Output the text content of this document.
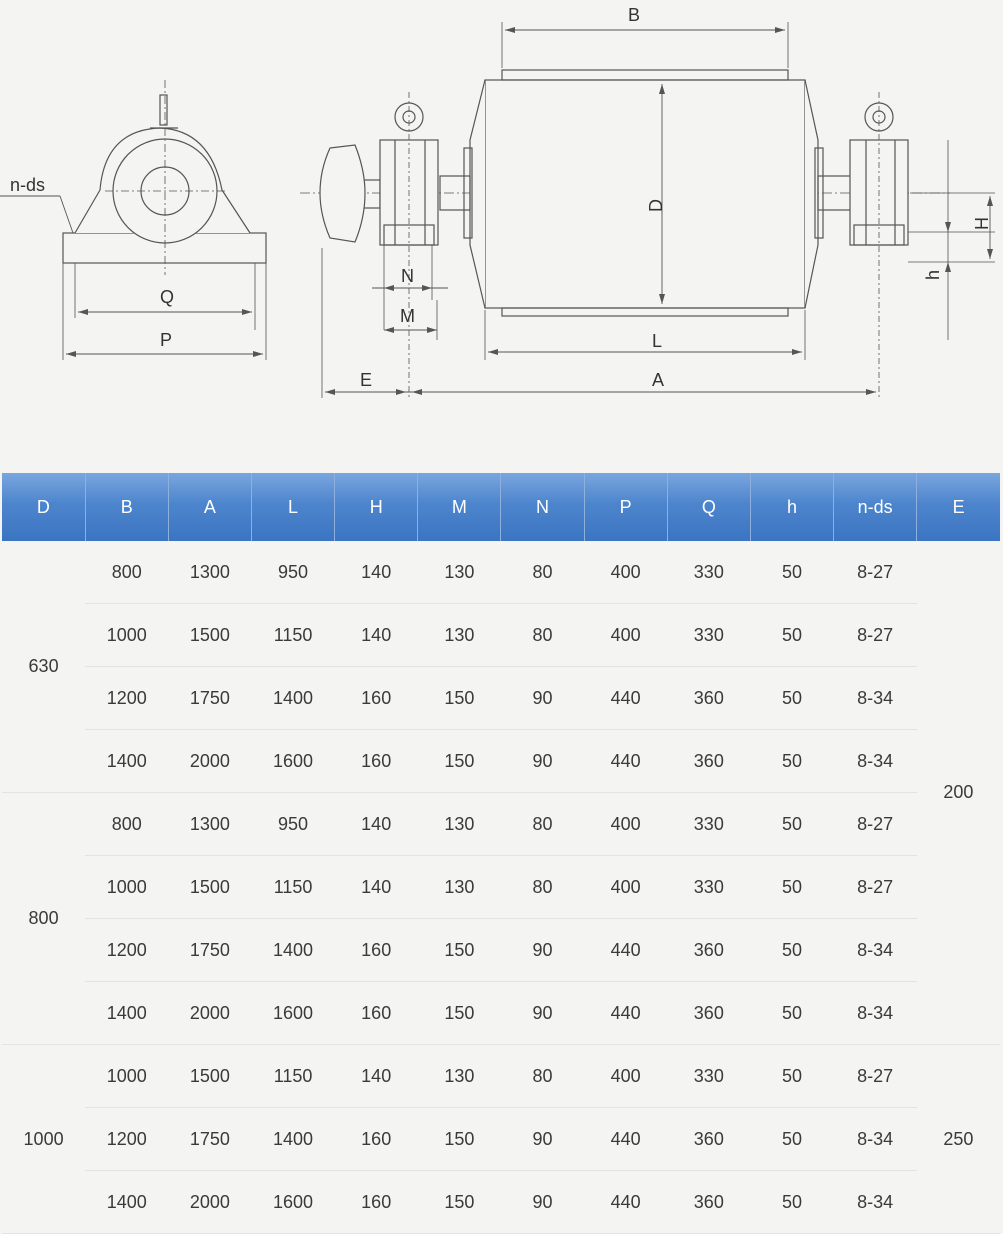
n-ds
Q
P
D
B
N
M
L
E	A
H
h
D	B	A	L	H	M	N	P	Q	h	n-ds	E
630	800	1300	950	140	130	80	400	330	50	8-27	200
	1000	1500	1150	140	130	80	400	330	50	8-27	
	1200	1750	1400	160	150	90	440	360	50	8-34	
	1400	2000	1600	160	150	90	440	360	50	8-34	
800	800	1300	950	140	130	80	400	330	50	8-27	
	1000	1500	1150	140	130	80	400	330	50	8-27	
	1200	1750	1400	160	150	90	440	360	50	8-34	
	1400	2000	1600	160	150	90	440	360	50	8-34	
1000	1000	1500	1150	140	130	80	400	330	50	8-27	250
	1200	1750	1400	160	150	90	440	360	50	8-34	
	1400	2000	1600	160	150	90	440	360	50	8-34	
